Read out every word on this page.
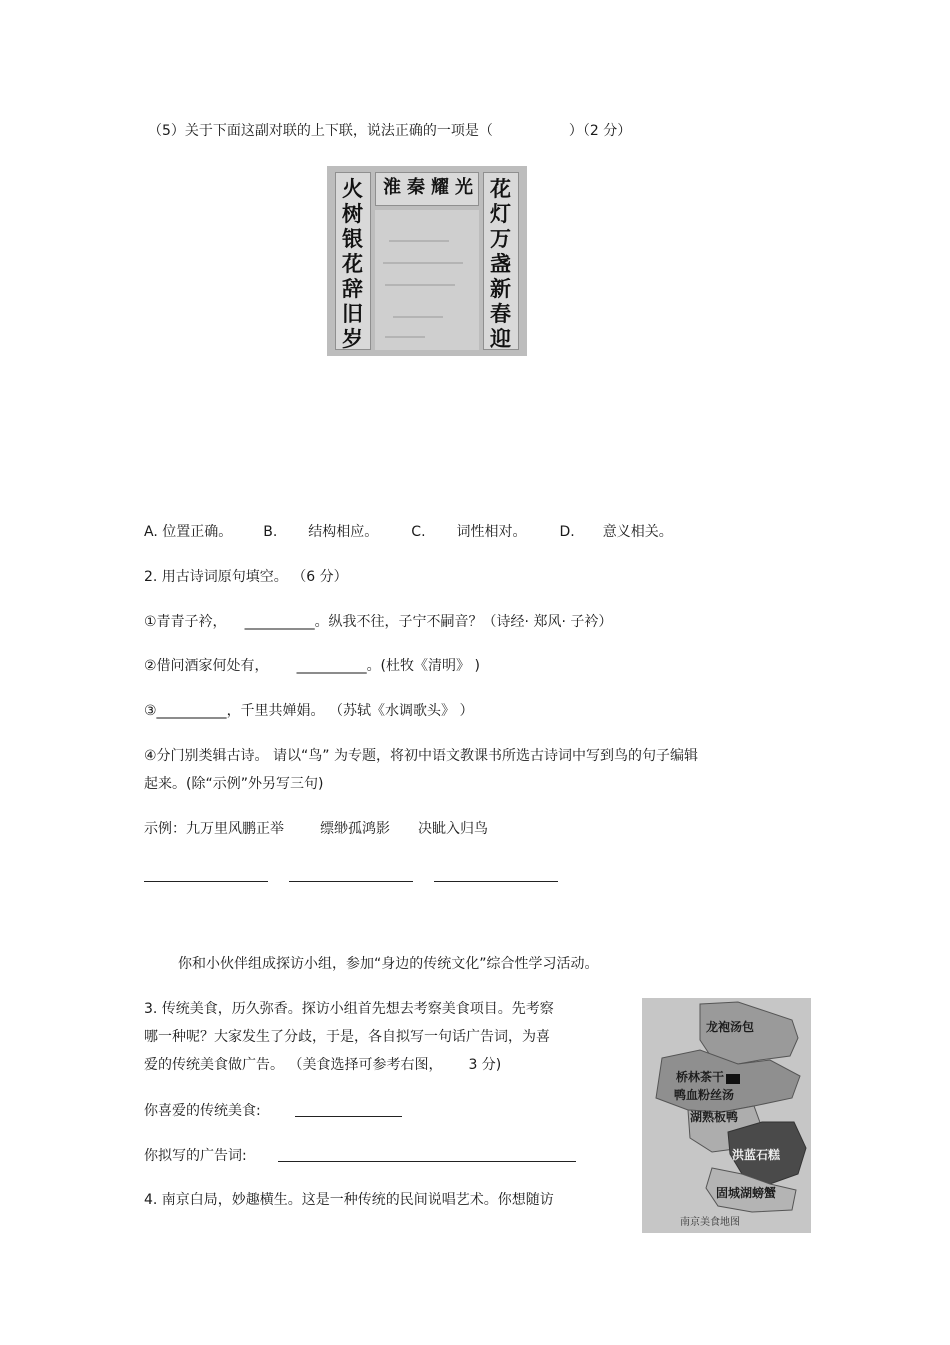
（5）关于下面这副对联的上下联，说法正确的一项是（	）（2 分）
淮 秦 耀 光
火
树
银
花
辞
旧
岁
花
灯
万
盏
新
春
迎
A. 位置正确。 B. 结构相应。 C. 词性相对。 D. 意义相关。
2. 用古诗词原句填空。 （6 分）
①青青子衿， __________。纵我不往，子宁不嗣音？（诗经· 郑风· 子衿）
②借问酒家何处有， __________。(杜牧《清明》 )
③__________，千里共婵娟。 （苏轼《水调歌头》 ）
④分门别类辑古诗。 请以“鸟” 为专题，将初中语文教课书所选古诗词中写到鸟的句子编辑
起来。(除“示例”外另写三句)
示例：九万里风鹏正举	缥缈孤鸿影 决眦入归鸟
你和小伙伴组成探访小组，参加“身边的传统文化”综合性学习活动。
3. 传统美食，历久弥香。探访小组首先想去考察美食项目。先考察
哪一种呢？大家发生了分歧，于是，各自拟写一句话广告词，为喜
爱的传统美食做广告。 （美食选择可参考右图， 3 分)
你喜爱的传统美食:
你拟写的广告词:
4. 南京白局，妙趣横生。这是一种传统的民间说唱艺术。你想随访
龙袍汤包
桥林茶干
鸭血粉丝汤
湖熟板鸭
洪蓝石糕
固城湖螃蟹
南京美食地图
